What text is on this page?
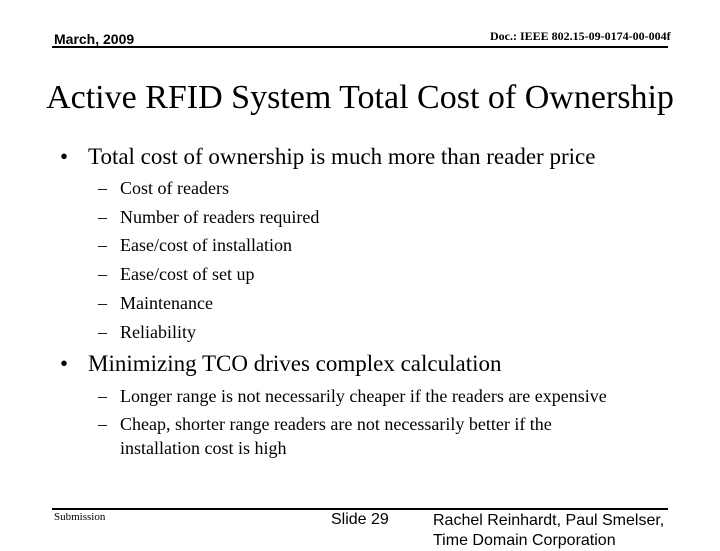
March, 2009	Doc.: IEEE 802.15-09-0174-00-004f
Active RFID System Total Cost of Ownership
• Total cost of ownership is much more than reader price
– Cost of readers
– Number of readers required
– Ease/cost of installation
– Ease/cost of set up
– Maintenance
– Reliability
• Minimizing TCO drives complex calculation
– Longer range is not necessarily cheaper if the readers are expensive
– Cheap, shorter range readers are not necessarily better if the
installation cost is high
Submission	Slide 29	Rachel Reinhardt, Paul Smelser,
Time Domain Corporation
